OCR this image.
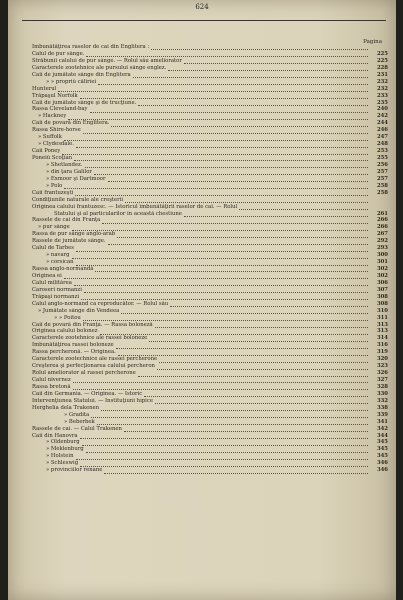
624
Pagina
Imbunătăţirea raselor de cai din Englitera :
Calul de pur sânge.	225
Străbunii calului de pur sânge. — Rolul său ameliorator	225
Caracterele zootehnice ale pursului sânge englez.	228
Caii de jumătate sânge din Englitera	231
» » propriŭ căliriei	232
Hunterul	232
Trăpaşul Norfolk	233
Caii de jumătate sânge şi de trucţiune.	235
Rassa Cleveland-bay	240
» Hackney	242
Caii de povară din Englitera.	244
Rassa Shire-horse	246
» Suffolk	247
» Clydesdale.	248
Caii Poney	253
Poneiŭ Scoţian	255
» Shetlandez.	256
» din ţara Galilor	257
» Exmoor şi Dartmoor	257
» Polo	258
Caii frantuzeşti	258
Condiţiunile naturale ale creşterii
Originea calului frantuzesc. — Istoricul îmbunătăţirii raselor de cai. — Rolul
Statului şi al particularilor în această chestiune	261
Rassele de cai din Franţa	266
» pur sânge	266
Rassa de pur sânge anglo-arab	267
Rassele de jumătate sânge.	292
Calul de Tarbes	293
» navarg	300
» corsican	301
Rassa anglo-normandă	302
Originea ei	302
Calul militărea	306
Caroseri normanzi	307
Trăpaşi normanzi	308
Calul anglo-normand ca reproducător. — Rolul său	308
» Jumătate sânge din Vendeea	310
» » Poitou	311
Caii de povară din Franţa. — Rassa boloneză	313
Originea calului bolonez	313
Caracterele zootehnice ale rassei boloneze	314
Îmbunătăţirea rassei boloneze	316
Rassa percheronă. — Originea.	319
Caracterele zootechnice ale rassei percherone	320
Creşterea şi perfecţionarea calului percheron	323
Rolul ameliorator al rassei percherone	326
Calul nivernez	327
Rassa bretonă	328
Caii din Germania. — Originea. — Istoric	330
Intervenţiunea Statului. — Instituţiuni hipice	332
Herghelia dela Trakenen	338
» Gradita	339
» Beberbek	341
Rassele de cai. — Calul Trakenen	342
Caii din Hanovra	344
» Oldenburg	345
» Meklenburg	345
» Holstein	345
» Schleswig	346
» provinciilor renane	346
